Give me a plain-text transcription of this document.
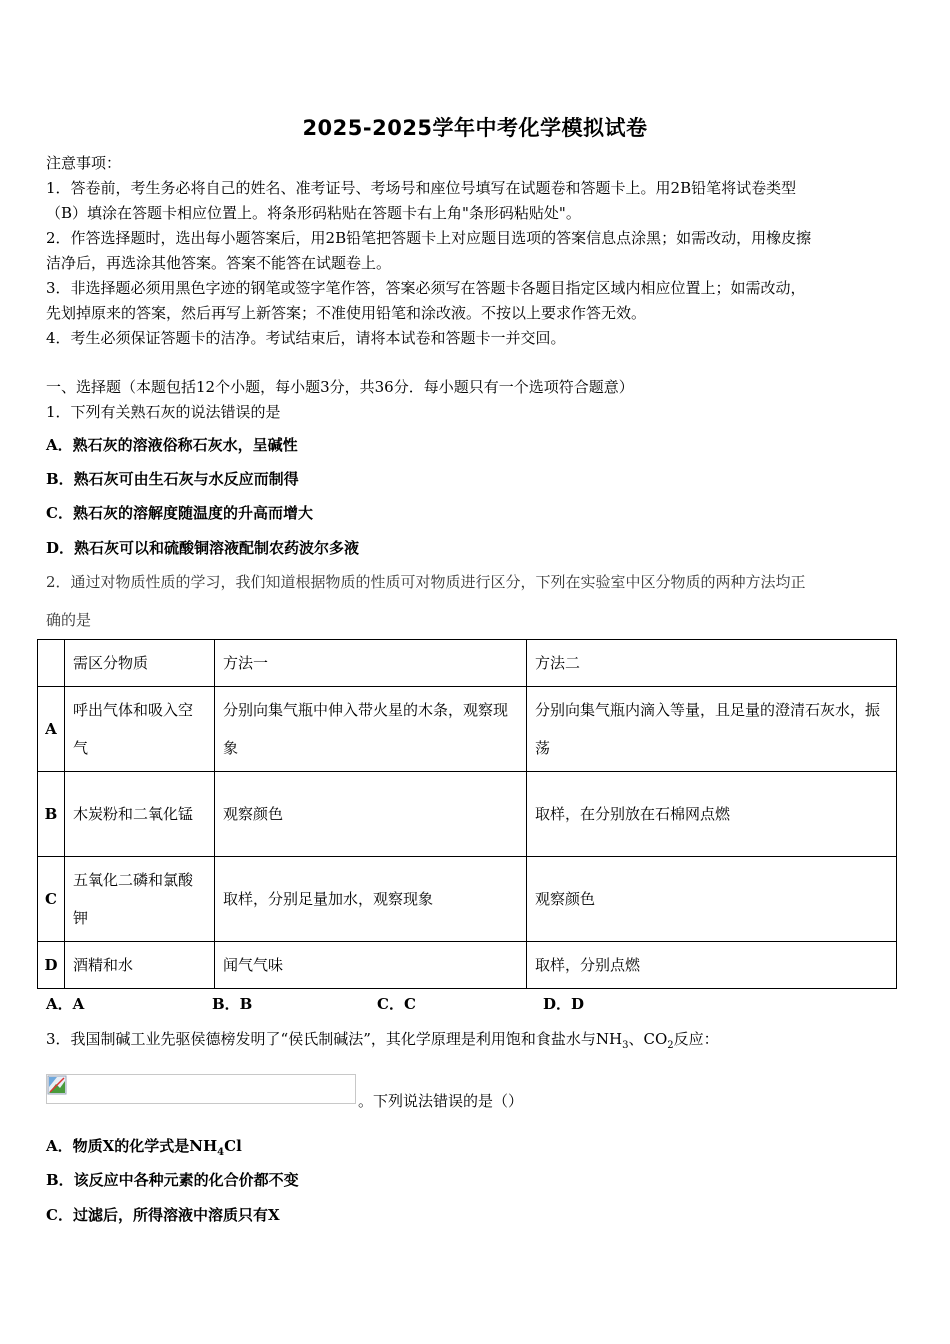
2025-2025学年中考化学模拟试卷
注意事项：
1．答卷前，考生务必将自己的姓名、准考证号、考场号和座位号填写在试题卷和答题卡上。用2B铅笔将试卷类型
（B）填涂在答题卡相应位置上。将条形码粘贴在答题卡右上角"条形码粘贴处"。
2．作答选择题时，选出每小题答案后，用2B铅笔把答题卡上对应题目选项的答案信息点涂黑；如需改动，用橡皮擦
洁净后，再选涂其他答案。答案不能答在试题卷上。
3．非选择题必须用黑色字迹的钢笔或签字笔作答，答案必须写在答题卡各题目指定区域内相应位置上；如需改动，
先划掉原来的答案，然后再写上新答案；不准使用铅笔和涂改液。不按以上要求作答无效。
4．考生必须保证答题卡的洁净。考试结束后，请将本试卷和答题卡一并交回。
一、选择题（本题包括12个小题，每小题3分，共36分．每小题只有一个选项符合题意）
1．下列有关熟石灰的说法错误的是
A．熟石灰的溶液俗称石灰水，呈碱性
B．熟石灰可由生石灰与水反应而制得
C．熟石灰的溶解度随温度的升高而增大
D．熟石灰可以和硫酸铜溶液配制农药波尔多液
2．通过对物质性质的学习，我们知道根据物质的性质可对物质进行区分，下列在实验室中区分物质的两种方法均正
确的是
	需区分物质	方法一	方法二
A	呼出气体和吸入空气	分别向集气瓶中伸入带火星的木条，观察现象	分别向集气瓶内滴入等量，且足量的澄清石灰水，振荡
B	木炭粉和二氧化锰	观察颜色	取样，在分别放在石棉网点燃
C	五氧化二磷和氯酸钾	取样，分别足量加水，观察现象	观察颜色
D	酒精和水	闻气气味	取样，分别点燃
A．A	B．B	C．C	D．D
3．我国制碱工业先驱侯德榜发明了“侯氏制碱法”，其化学原理是利用饱和食盐水与$NH_3$、$CO_2$反应：
。下列说法错误的是（）
A．物质X的化学式是$NH_4Cl$
B．该反应中各种元素的化合价都不变
C．过滤后，所得溶液中溶质只有X
